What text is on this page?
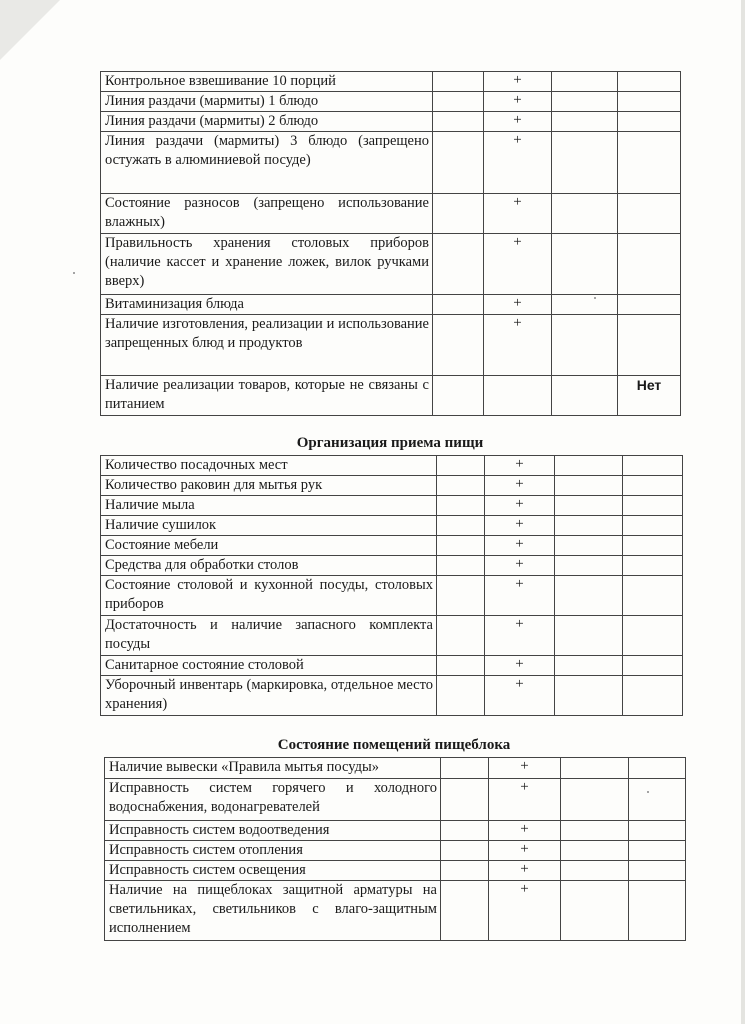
Контрольное взвешивание 10 порций		+		
Линия раздачи (мармиты) 1 блюдо		+		
Линия раздачи (мармиты) 2 блюдо		+		
Линия раздачи (мармиты) 3 блюдо (запрещено остужать в алюминиевой посуде)		+		
Состояние разносов (запрещено использование влажных)		+		
Правильность хранения столовых приборов (наличие кассет и хранение ложек, вилок ручками вверх)		+		
Витаминизация блюда		+		
Наличие изготовления, реализации и использование запрещенных блюд и продуктов		+		
Наличие реализации товаров, которые не связаны с питанием				Нет
Организация приема пищи
Количество посадочных мест		+		
Количество раковин для мытья рук		+		
Наличие мыла		+		
Наличие сушилок		+		
Состояние мебели		+		
Средства для обработки столов		+		
Состояние столовой и кухонной посуды, столовых приборов		+		
Достаточность и наличие запасного комплекта посуды		+		
Санитарное состояние столовой		+		
Уборочный инвентарь (маркировка, отдельное место хранения)		+		
Состояние помещений пищеблока
Наличие вывески «Правила мытья посуды»		+		
Исправность систем горячего и холодного водоснабжения, водонагревателей		+		
Исправность систем водоотведения		+		
Исправность систем отопления		+		
Исправность систем освещения		+		
Наличие на пищеблоках защитной арматуры на светильниках, светильников с влаго-защитным исполнением		+		
